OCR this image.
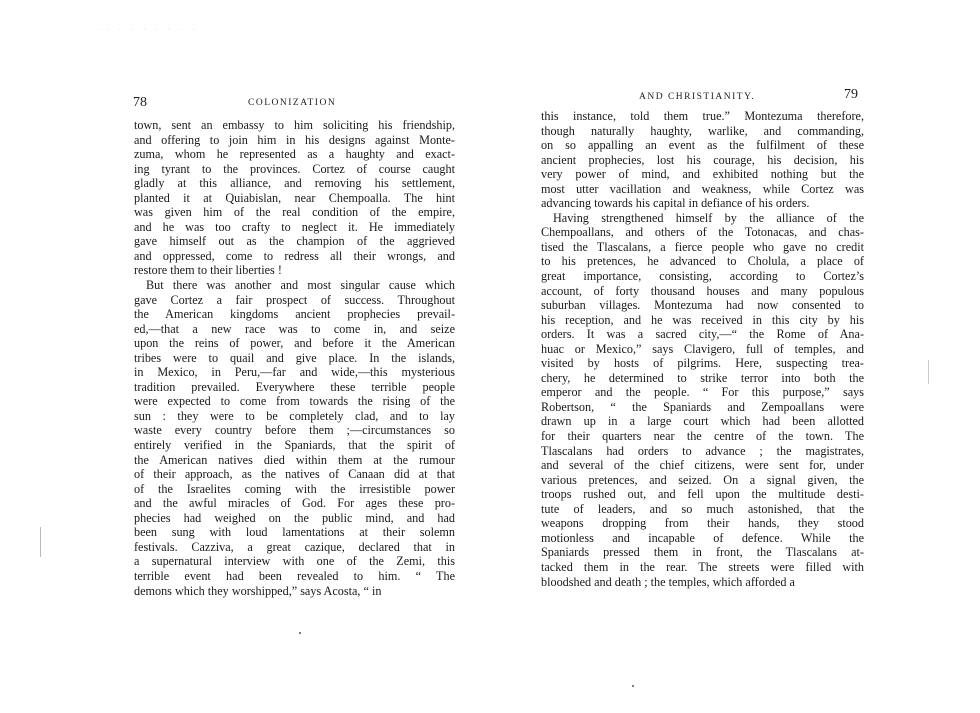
·· · · · · · · ·
78	COLONIZATION
town, sent an embassy to him soliciting his friendship,
and offering to join him in his designs against Monte-
zuma, whom he represented as a haughty and exact-
ing tyrant to the provinces. Cortez of course caught
gladly at this alliance, and removing his settlement,
planted it at Quiabislan, near Chempoalla. The hint
was given him of the real condition of the empire,
and he was too crafty to neglect it. He immediately
gave himself out as the champion of the aggrieved
and oppressed, come to redress all their wrongs, and
restore them to their liberties !
But there was another and most singular cause which
gave Cortez a fair prospect of success. Throughout
the American kingdoms ancient prophecies prevail-
ed,—that a new race was to come in, and seize
upon the reins of power, and before it the American
tribes were to quail and give place. In the islands,
in Mexico, in Peru,—far and wide,—this mysterious
tradition prevailed. Everywhere these terrible people
were expected to come from towards the rising of the
sun : they were to be completely clad, and to lay
waste every country before them ;—circumstances so
entirely verified in the Spaniards, that the spirit of
the American natives died within them at the rumour
of their approach, as the natives of Canaan did at that
of the Israelites coming with the irresistible power
and the awful miracles of God. For ages these pro-
phecies had weighed on the public mind, and had
been sung with loud lamentations at their solemn
festivals. Cazziva, a great cazique, declared that in
a supernatural interview with one of the Zemi, this
terrible event had been revealed to him. “ The
demons which they worshipped,” says Acosta, “ in
AND CHRISTIANITY.	79
this instance, told them true.” Montezuma therefore,
though naturally haughty, warlike, and commanding,
on so appalling an event as the fulfilment of these
ancient prophecies, lost his courage, his decision, his
very power of mind, and exhibited nothing but the
most utter vacillation and weakness, while Cortez was
advancing towards his capital in defiance of his orders.
Having strengthened himself by the alliance of the
Chempoallans, and others of the Totonacas, and chas-
tised the Tlascalans, a fierce people who gave no credit
to his pretences, he advanced to Cholula, a place of
great importance, consisting, according to Cortez’s
account, of forty thousand houses and many populous
suburban villages. Montezuma had now consented to
his reception, and he was received in this city by his
orders. It was a sacred city,—“ the Rome of Ana-
huac or Mexico,” says Clavigero, full of temples, and
visited by hosts of pilgrims. Here, suspecting trea-
chery, he determined to strike terror into both the
emperor and the people. “ For this purpose,” says
Robertson, “ the Spaniards and Zempoallans were
drawn up in a large court which had been allotted
for their quarters near the centre of the town. The
Tlascalans had orders to advance ; the magistrates,
and several of the chief citizens, were sent for, under
various pretences, and seized. On a signal given, the
troops rushed out, and fell upon the multitude desti-
tute of leaders, and so much astonished, that the
weapons dropping from their hands, they stood
motionless and incapable of defence. While the
Spaniards pressed them in front, the Tlascalans at-
tacked them in the rear. The streets were filled with
bloodshed and death ; the temples, which afforded a
